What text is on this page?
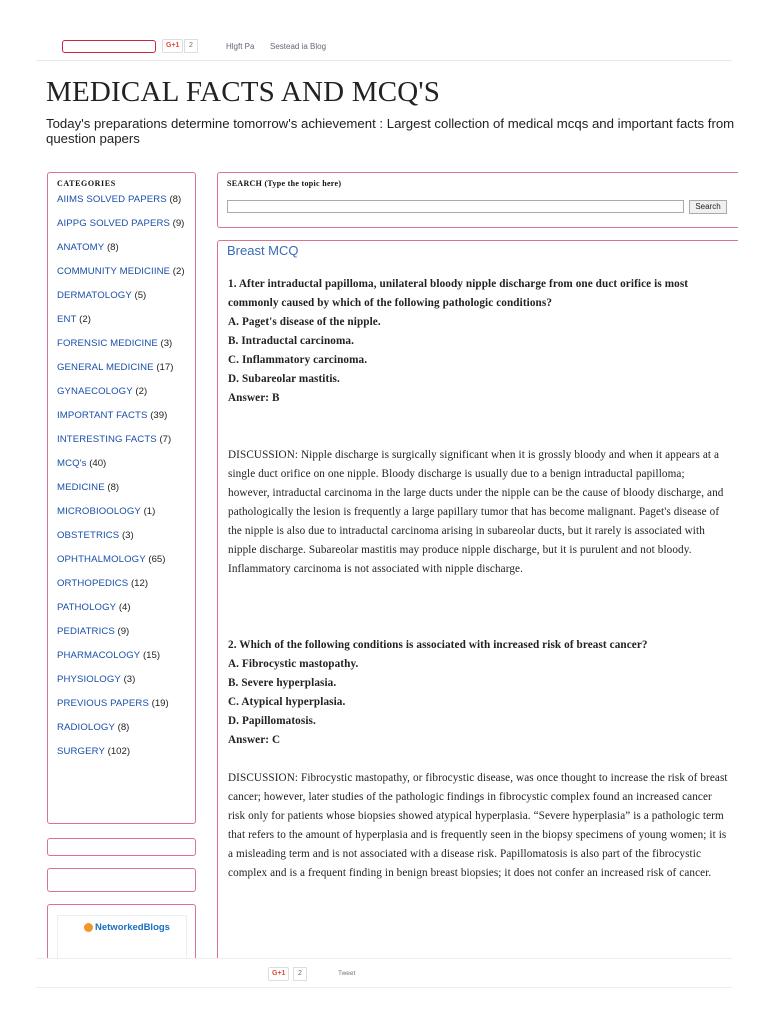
G+1	2	Hlgft Pa Sestead ia Blog
MEDICAL FACTS AND MCQ'S
Today's preparations determine tomorrow's achievement : Largest collection of medical mcqs and important facts from question papers
CATEGORIES
AIIMS SOLVED PAPERS (8)
AIPPG SOLVED PAPERS (9)
ANATOMY (8)
COMMUNITY MEDICIINE (2)
DERMATOLOGY (5)
ENT (2)
FORENSIC MEDICINE (3)
GENERAL MEDICINE (17)
GYNAECOLOGY (2)
IMPORTANT FACTS (39)
INTERESTING FACTS (7)
MCQ's (40)
MEDICINE (8)
MICROBIOOLOGY (1)
OBSTETRICS (3)
OPHTHALMOLOGY (65)
ORTHOPEDICS (12)
PATHOLOGY (4)
PEDIATRICS (9)
PHARMACOLOGY (15)
PHYSIOLOGY (3)
PREVIOUS PAPERS (19)
RADIOLOGY (8)
SURGERY (102)
NetworkedBlogs
SEARCH (Type the topic here)
Search
Breast MCQ

1. After intraductal papilloma, unilateral bloody nipple discharge from one duct orifice is most commonly caused by which of the following pathologic conditions?

A. Paget's disease of the nipple.

B. Intraductal carcinoma.

C. Inflammatory carcinoma.

D. Subareolar mastitis.

Answer: B

DISCUSSION: Nipple discharge is surgically significant when it is grossly bloody and when it appears at a single duct orifice on one nipple. Bloody discharge is usually due to a benign intraductal papilloma; however, intraductal carcinoma in the large ducts under the nipple can be the cause of bloody discharge, and pathologically the lesion is frequently a large papillary tumor that has become malignant. Paget's disease of the nipple is also due to intraductal carcinoma arising in subareolar ducts, but it rarely is associated with nipple discharge. Subareolar mastitis may produce nipple discharge, but it is purulent and not bloody. Inflammatory carcinoma is not associated with nipple discharge.

2. Which of the following conditions is associated with increased risk of breast cancer?

A. Fibrocystic mastopathy.

B. Severe hyperplasia.

C. Atypical hyperplasia.

D. Papillomatosis.

Answer: C

DISCUSSION: Fibrocystic mastopathy, or fibrocystic disease, was once thought to increase the risk of breast cancer; however, later studies of the pathologic findings in fibrocystic complex found an increased cancer risk only for patients whose biopsies showed atypical hyperplasia. “Severe hyperplasia” is a pathologic term that refers to the amount of hyperplasia and is frequently seen in the biopsy specimens of young women; it is a misleading term and is not associated with a disease risk. Papillomatosis is also part of the fibrocystic complex and is a frequent finding in benign breast biopsies; it does not confer an increased risk of cancer.

G+1	2	Tweet
